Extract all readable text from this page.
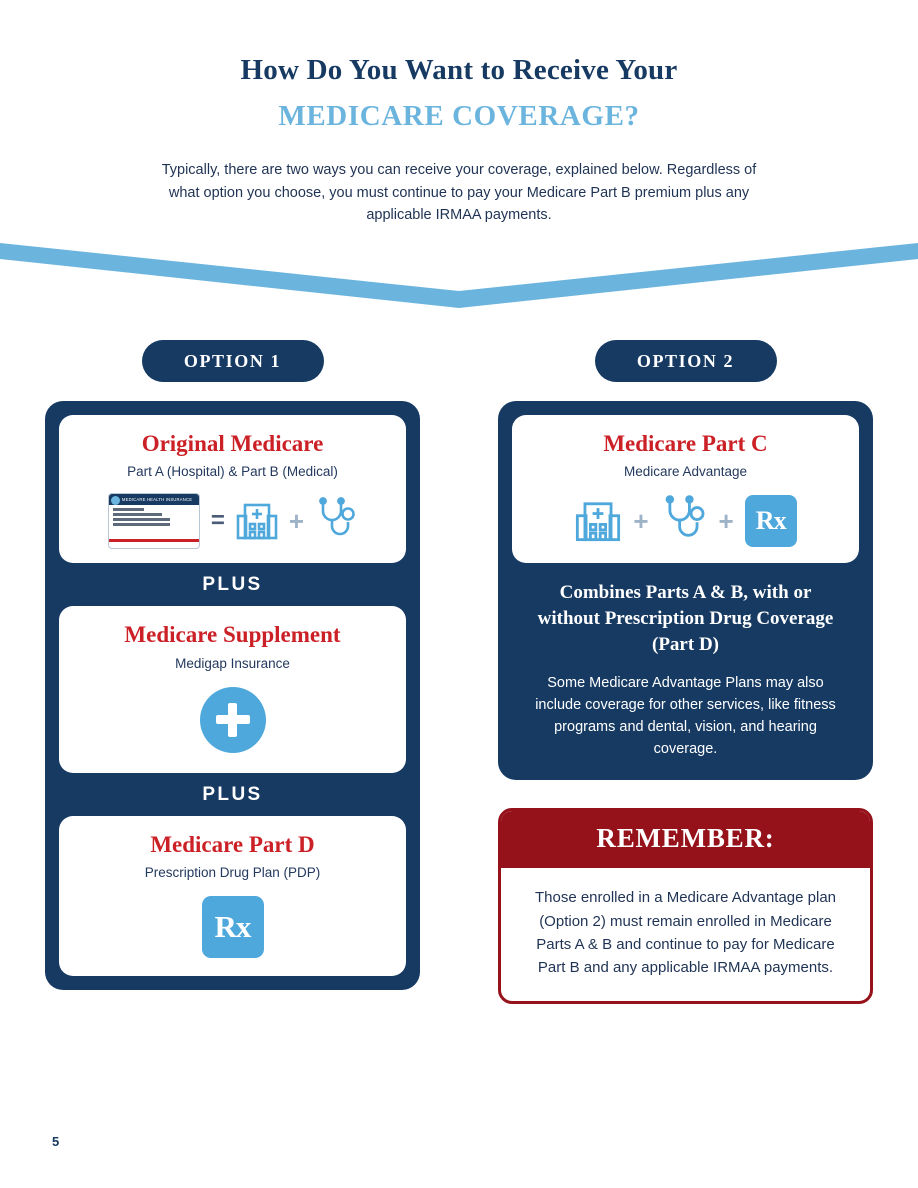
How Do You Want to Receive Your
MEDICARE COVERAGE?
Typically, there are two ways you can receive your coverage, explained below. Regardless of what option you choose, you must continue to pay your Medicare Part B premium plus any applicable IRMAA payments.
OPTION 1
Original Medicare
Part A (Hospital) & Part B (Medical)
MEDICARE HEALTH INSURANCE
= +
PLUS
Medicare Supplement
Medigap Insurance
PLUS
Medicare Part D
Prescription Drug Plan (PDP)
Rx
OPTION 2
Medicare Part C
Medicare Advantage
+	+ Rx
Combines Parts A & B, with or without Prescription Drug Coverage (Part D)
Some Medicare Advantage Plans may also include coverage for other services, like fitness programs and dental, vision, and hearing coverage.
REMEMBER:
Those enrolled in a Medicare Advantage plan (Option 2) must remain enrolled in Medicare Parts A & B and continue to pay for Medicare Part B and any applicable IRMAA payments.
5
